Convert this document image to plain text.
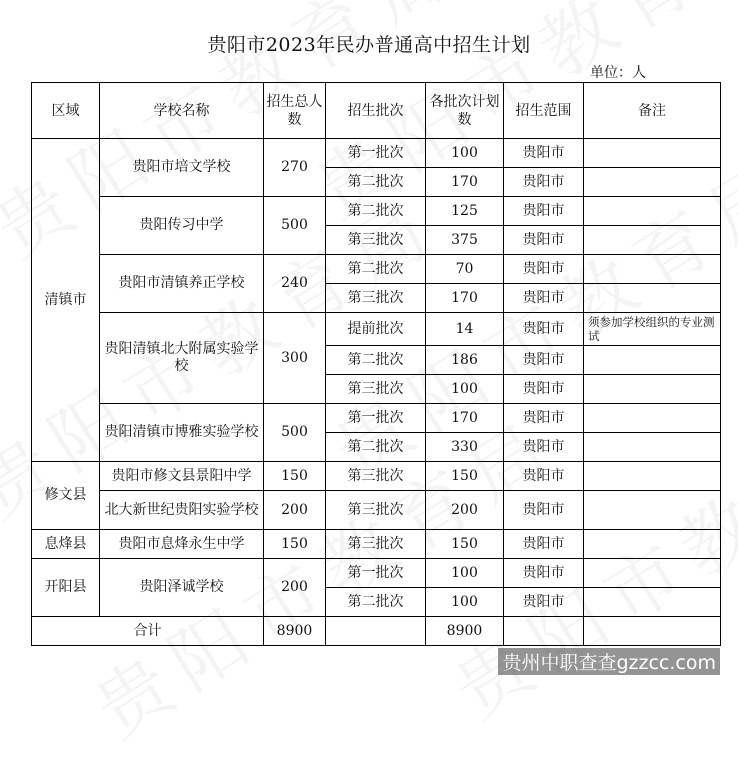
贵阳市2023年民办普通高中招生计划
单位：人
区域	学校名称	招生总人数	招生批次	各批次计划数	招生范围	备注
清镇市	贵阳市培文学校	270	第一批次	100	贵阳市	
			第二批次	170	贵阳市	
	贵阳传习中学	500	第二批次	125	贵阳市	
			第三批次	375	贵阳市	
	贵阳市清镇养正学校	240	第二批次	70	贵阳市	
			第三批次	170	贵阳市	
	贵阳清镇北大附属实验学校	300	提前批次	14	贵阳市	须参加学校组织的专业测试
			第二批次	186	贵阳市	
			第三批次	100	贵阳市	
	贵阳清镇市博雅实验学校	500	第一批次	170	贵阳市	
			第二批次	330	贵阳市	
修文县	贵阳市修文县景阳中学	150	第三批次	150	贵阳市	
	北大新世纪贵阳实验学校	200	第三批次	200	贵阳市	
息烽县	贵阳市息烽永生中学	150	第三批次	150	贵阳市	
开阳县	贵阳泽诚学校	200	第一批次	100	贵阳市	
			第二批次	100	贵阳市	
合计		8900		8900		
贵州中职查查gzzcc.com
